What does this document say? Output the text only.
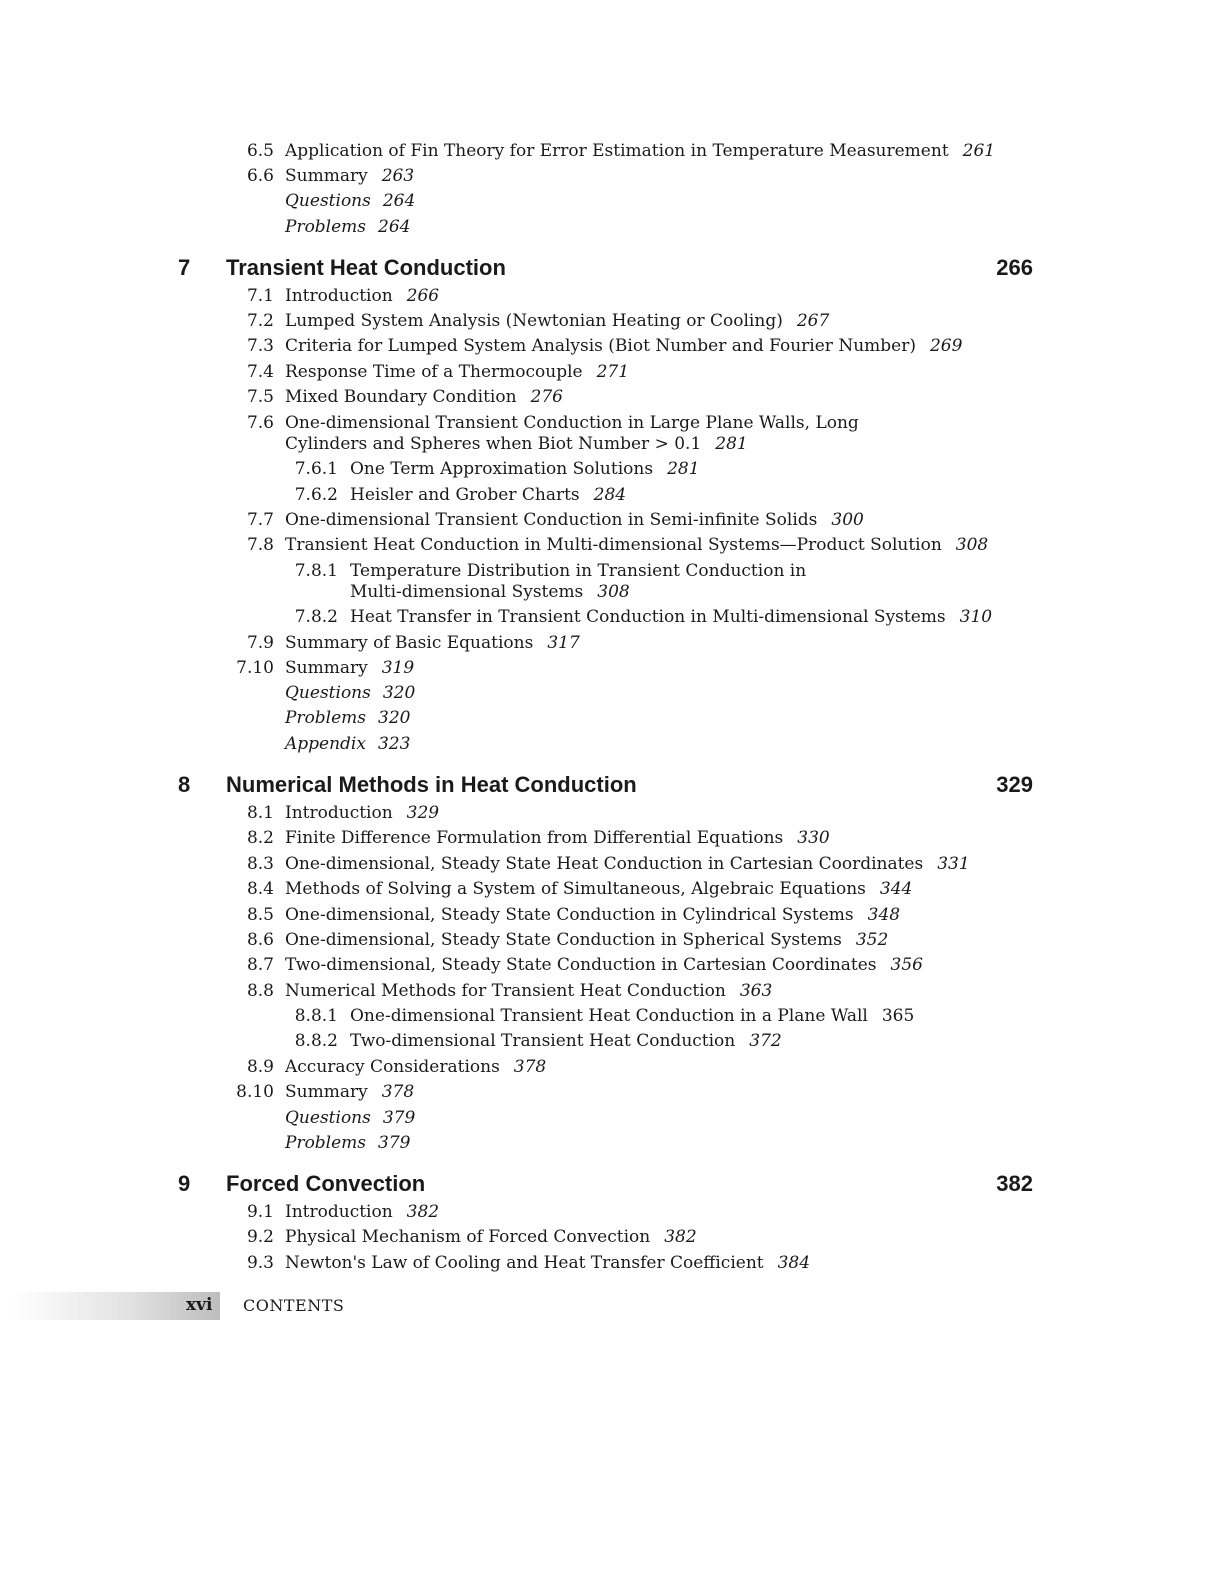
6.5 Application of Fin Theory for Error Estimation in Temperature Measurement 261
6.6 Summary 263
Questions 264
Problems 264
7 Transient Heat Conduction	266
7.1 Introduction 266
7.2 Lumped System Analysis (Newtonian Heating or Cooling) 267
7.3 Criteria for Lumped System Analysis (Biot Number and Fourier Number) 269
7.4 Response Time of a Thermocouple 271
7.5 Mixed Boundary Condition 276
7.6 One-dimensional Transient Conduction in Large Plane Walls, Long
Cylinders and Spheres when Biot Number > 0.1 281
7.6.1 One Term Approximation Solutions 281
7.6.2 Heisler and Grober Charts 284
7.7 One-dimensional Transient Conduction in Semi-infinite Solids 300
7.8 Transient Heat Conduction in Multi-dimensional Systems—Product Solution 308
7.8.1 Temperature Distribution in Transient Conduction in
Multi-dimensional Systems 308
7.8.2 Heat Transfer in Transient Conduction in Multi-dimensional Systems 310
7.9 Summary of Basic Equations 317
7.10 Summary 319
Questions 320
Problems 320
Appendix 323
8 Numerical Methods in Heat Conduction	329
8.1 Introduction 329
8.2 Finite Difference Formulation from Differential Equations 330
8.3 One-dimensional, Steady State Heat Conduction in Cartesian Coordinates 331
8.4 Methods of Solving a System of Simultaneous, Algebraic Equations 344
8.5 One-dimensional, Steady State Conduction in Cylindrical Systems 348
8.6 One-dimensional, Steady State Conduction in Spherical Systems 352
8.7 Two-dimensional, Steady State Conduction in Cartesian Coordinates 356
8.8 Numerical Methods for Transient Heat Conduction 363
8.8.1 One-dimensional Transient Heat Conduction in a Plane Wall 365
8.8.2 Two-dimensional Transient Heat Conduction 372
8.9 Accuracy Considerations 378
8.10 Summary 378
Questions 379
Problems 379
9 Forced Convection	382
9.1 Introduction 382
9.2 Physical Mechanism of Forced Convection 382
9.3 Newton's Law of Cooling and Heat Transfer Coefficient 384
xvi CONTENTS
